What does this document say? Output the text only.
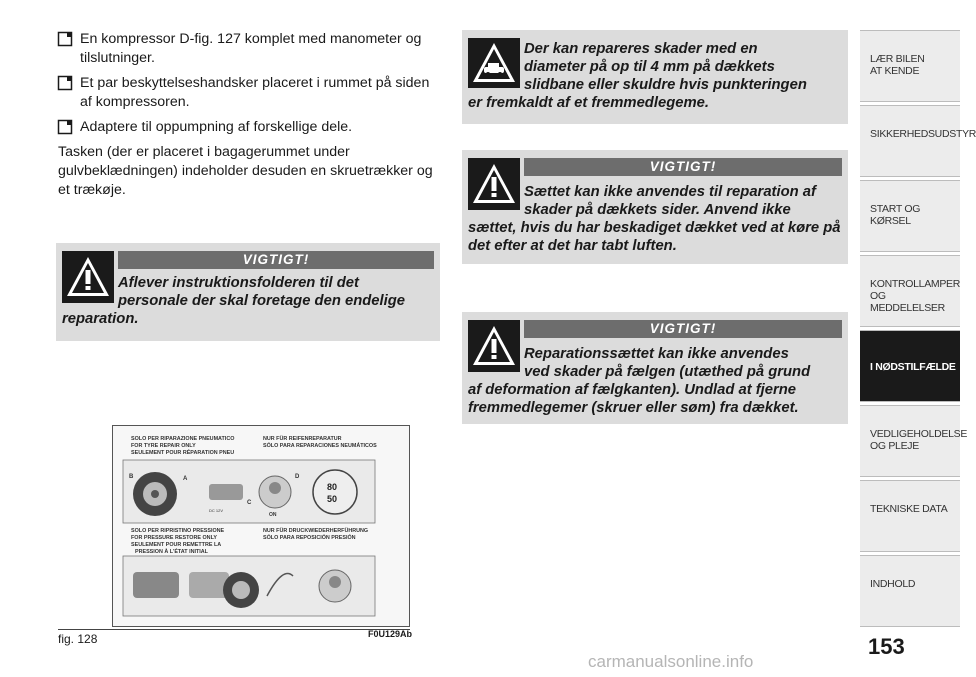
En kompressor D-fig. 127 komplet med manometer og tilslutninger.
Et par beskyttelseshandsker placeret i rummet på siden af kompressoren.
Adaptere til oppumpning af forskellige dele.
Tasken (der er placeret i bagagerummet under gulvbeklædningen) indeholder desuden en skruetrækker og et trækøje.
VIGTIGT!
Aflever instruktionsfolderen til det
personale der skal foretage den endelige
reparation.
Der kan repareres skader med en
diameter på op til 4 mm på dækkets
slidbane eller skuldre hvis punkteringen
er fremkaldt af et fremmedlegeme.
VIGTIGT!
Sættet kan ikke anvendes til reparation af
skader på dækkets sider. Anvend ikke
sættet, hvis du har beskadiget dækket ved at køre på det efter at det har tabt luften.
VIGTIGT!
Reparationssættet kan ikke anvendes
ved skader på fælgen (utæthed på grund
af deformation af fælgkanten). Undlad at fjerne fremmedlegemer (skruer eller søm) fra dækket.
SOLO PER RIPARAZIONE PNEUMATICO
FOR TYRE REPAIR ONLY
SEULEMENT POUR RÉPARATION PNEU
NUR FÜR REIFENREPARATUR
SÓLO PARA REPARACIONES NEUMÁTICOS
SOLO PER RIPRISTINO PRESSIONE
FOR PRESSURE RESTORE ONLY
SEULEMENT POUR REMETTRE LA
PRESSION À L'ÉTAT INITIAL
NUR FÜR DRUCKWIEDERHERFÜHRUNG
SÓLO PARA REPOSICIÓN PRESIÓN
B	A
DC 12V
C
ON
D
80
50
fig. 128	F0U129Ab
LÆR BILEN
AT KENDE
SIKKERHEDSUDSTYR
START OG KØRSEL
KONTROLLAMPER
OG MEDDELELSER
I NØDSTILFÆLDE
VEDLIGEHOLDELSE
OG PLEJE
TEKNISKE DATA
INDHOLD
153
carmanualsonline.info
